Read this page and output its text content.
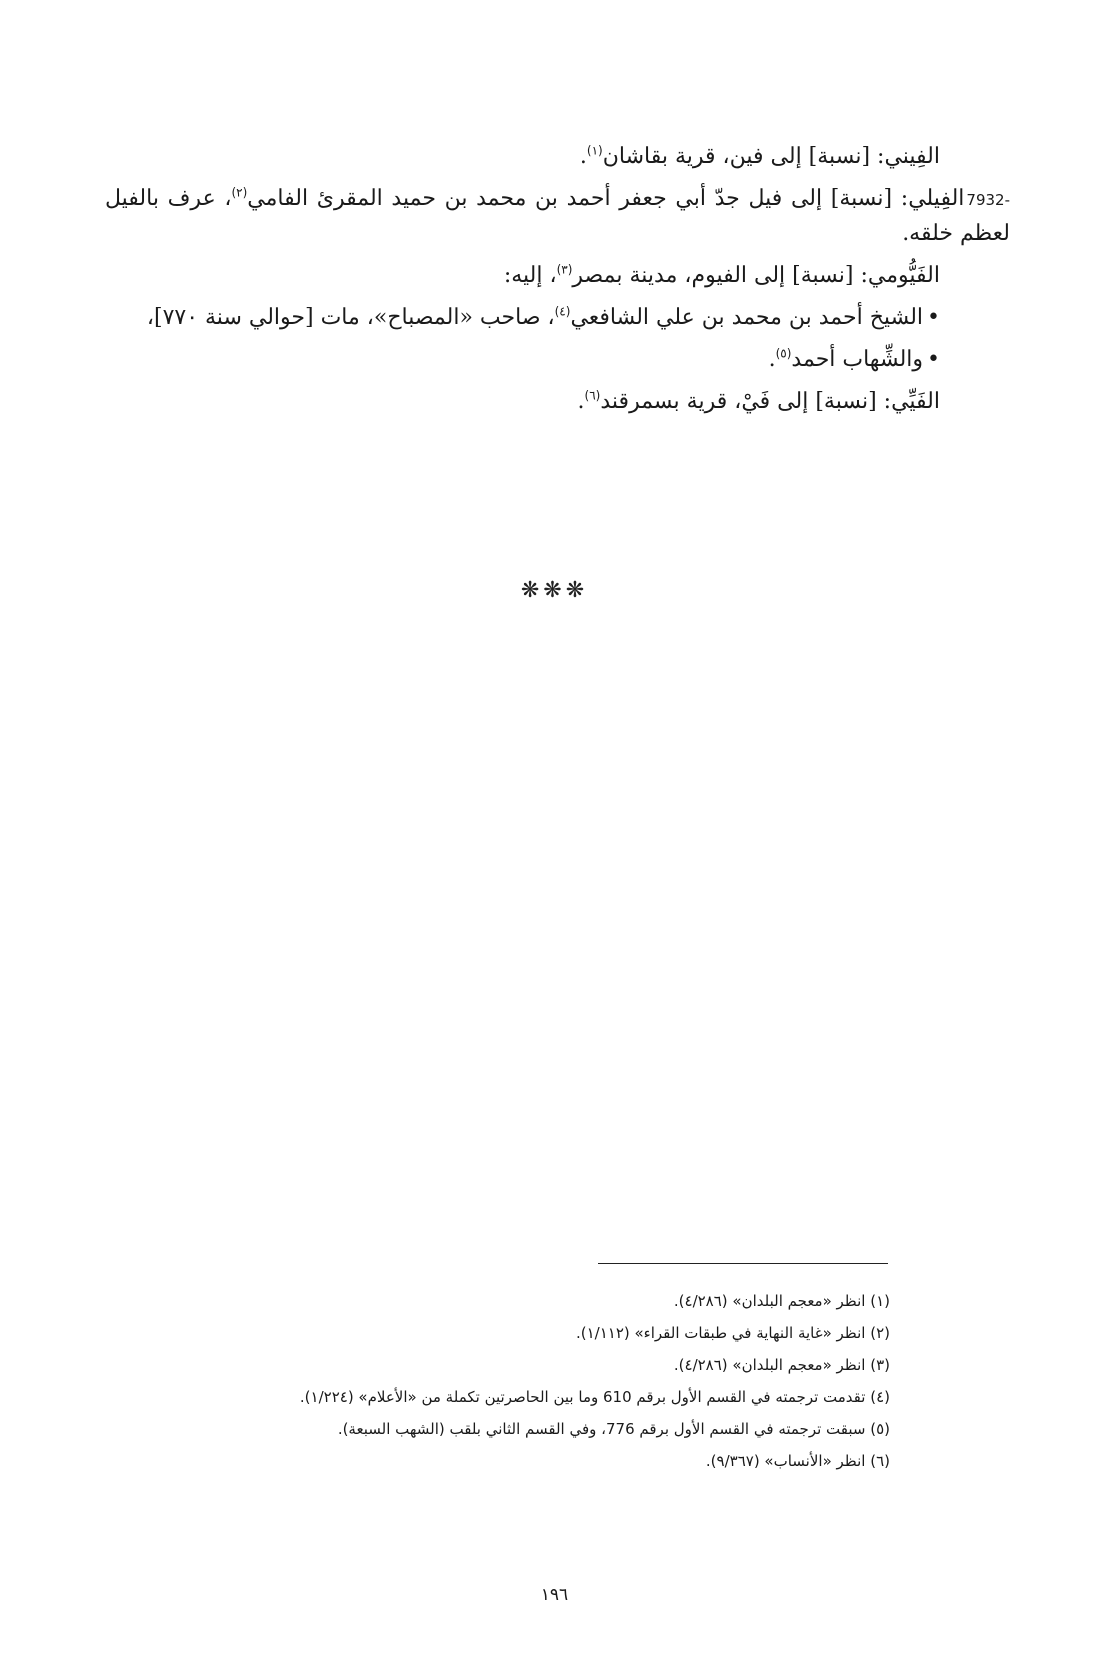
الفِيني: [نسبة] إلى فين، قرية بقاشان$^{(١)}$.

7932-الفِيلي: [نسبة] إلى فيل جدّ أبي جعفر أحمد بن محمد بن حميد المقرئ الفامي$^{(٢)}$، عرف بالفيل لعظم خلقه.

الفَيُّومي: [نسبة] إلى الفيوم، مدينة بمصر$^{(٣)}$، إليه:

•الشيخ أحمد بن محمد بن علي الشافعي$^{(٤)}$، صاحب «المصباح»، مات [حوالي سنة ٧٧٠]،

•والشِّهاب أحمد$^{(٥)}$.

الفَيِّي: [نسبة] إلى فَيْ، قرية بسمرقند$^{(٦)}$.

❋❋❋
(١) انظر «معجم البلدان» (٤/٢٨٦).
(٢) انظر «غاية النهاية في طبقات القراء» (١/١١٢).
(٣) انظر «معجم البلدان» (٤/٢٨٦).
(٤) تقدمت ترجمته في القسم الأول برقم 610 وما بين الحاصرتين تكملة من «الأعلام» (١/٢٢٤).
(٥) سبقت ترجمته في القسم الأول برقم 776، وفي القسم الثاني بلقب (الشهب السبعة).
(٦) انظر «الأنساب» (٩/٣٦٧).
١٩٦
